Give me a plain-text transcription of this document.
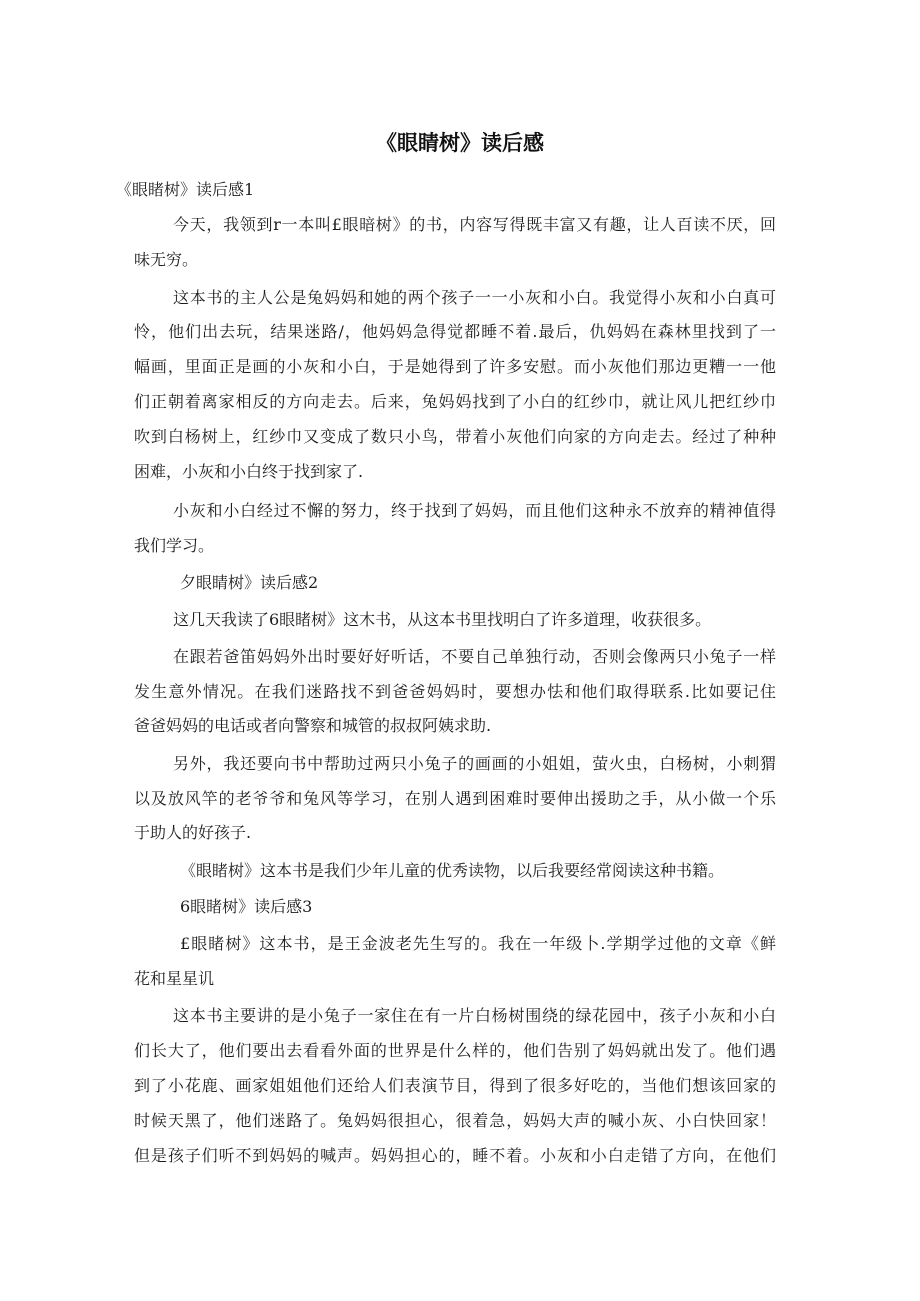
《眼睛树》读后感
《眼睹树》读后感1
今天，我领到r一本叫£眼暗树》的书，内容写得既丰富又有趣，让人百读不厌，回
味无穷。
这本书的主人公是兔妈妈和她的两个孩子一一小灰和小白。我觉得小灰和小白真可
怜，他们出去玩，结果迷路/，他妈妈急得觉都睡不着.最后，仇妈妈在森林里找到了一
幅画，里面正是画的小灰和小白，于是她得到了许多安慰。而小灰他们那边更糟一一他
们正朝着离家相反的方向走去。后来，兔妈妈找到了小白的红纱巾，就让风儿把红纱巾
吹到白杨树上，红纱巾又变成了数只小鸟，带着小灰他们向家的方向走去。经过了种种
困难，小灰和小白终于找到家了.
小灰和小白经过不懈的努力，终于找到了妈妈，而且他们这种永不放弃的精神值得
我们学习。
夕眼睛树》读后感2
这几天我读了6眼睹树》这木书，从这本书里找明白了许多道理，收获很多。
在跟若爸笛妈妈外出时要好好听话，不要自己单独行动，否则会像两只小兔子一样
发生意外情况。在我们迷路找不到爸爸妈妈时，要想办怯和他们取得联系.比如要记住
爸爸妈妈的电话或者向警察和城管的叔叔阿姨求助.
另外，我还要向书中帮助过两只小兔子的画画的小姐姐，萤火虫，白杨树，小刺猬
以及放风竿的老爷爷和兔风等学习，在别人遇到困难时要伸出援助之手，从小做一个乐
于助人的好孩子.
《眼睹树》这本书是我们少年儿童的优秀读物，以后我要经常阅读这种书籍。
6眼睹树》读后感3
£眼睹树》这本书，是王金波老先生写的。我在一年级卜.学期学过他的文章《鲜
花和星星讥
这本书主要讲的是小兔子一家住在有一片白杨树围绕的绿花园中，孩子小灰和小白
们长大了，他们要出去看看外面的世界是什么样的，他们告别了妈妈就出发了。他们遇
到了小花鹿、画家姐姐他们还给人们表演节目，得到了很多好吃的，当他们想该回家的
时候天黑了，他们迷路了。兔妈妈很担心，很着急，妈妈大声的喊小灰、小白快回家！
但是孩子们听不到妈妈的喊声。妈妈担心的，睡不着。小灰和小白走错了方向，在他们
